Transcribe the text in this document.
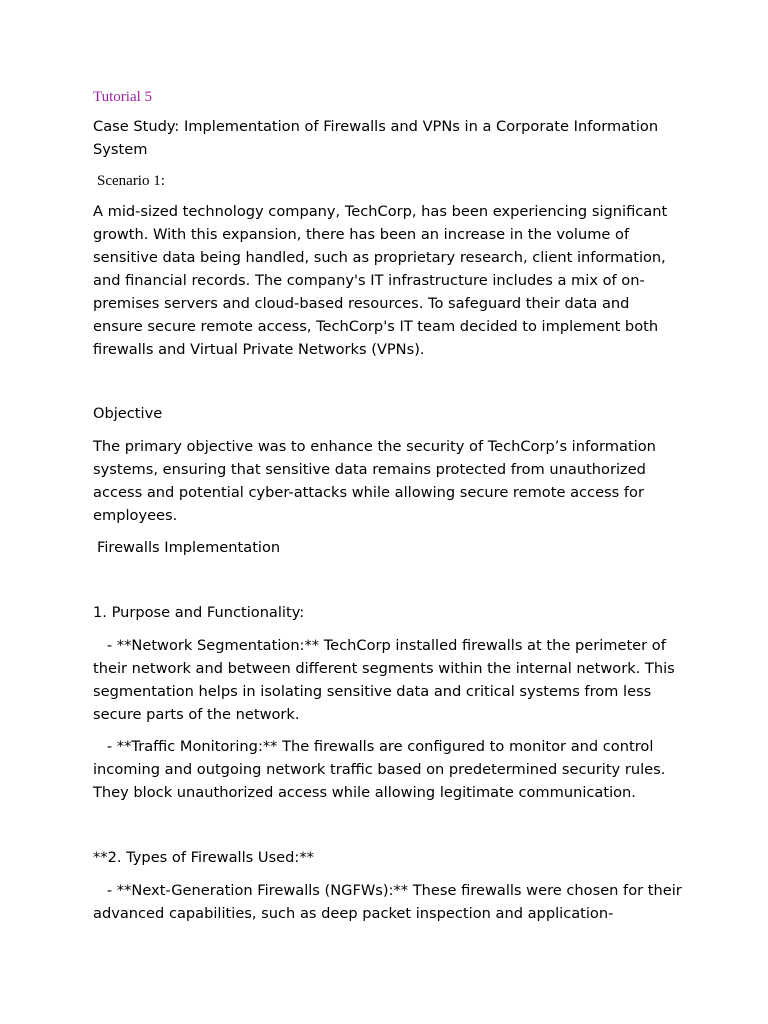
Tutorial 5
Case Study: Implementation of Firewalls and VPNs in a Corporate Information System
Scenario 1:
A mid-sized technology company, TechCorp, has been experiencing significant growth. With this expansion, there has been an increase in the volume of sensitive data being handled, such as proprietary research, client information, and financial records. The company's IT infrastructure includes a mix of on-premises servers and cloud-based resources. To safeguard their data and ensure secure remote access, TechCorp's IT team decided to implement both firewalls and Virtual Private Networks (VPNs).
Objective
The primary objective was to enhance the security of TechCorp’s information systems, ensuring that sensitive data remains protected from unauthorized access and potential cyber-attacks while allowing secure remote access for employees.
Firewalls Implementation
1. Purpose and Functionality:
- **Network Segmentation:** TechCorp installed firewalls at the perimeter of their network and between different segments within the internal network. This segmentation helps in isolating sensitive data and critical systems from less secure parts of the network.
- **Traffic Monitoring:** The firewalls are configured to monitor and control incoming and outgoing network traffic based on predetermined security rules. They block unauthorized access while allowing legitimate communication.
**2. Types of Firewalls Used:**
- **Next-Generation Firewalls (NGFWs):** These firewalls were chosen for their advanced capabilities, such as deep packet inspection and application-
